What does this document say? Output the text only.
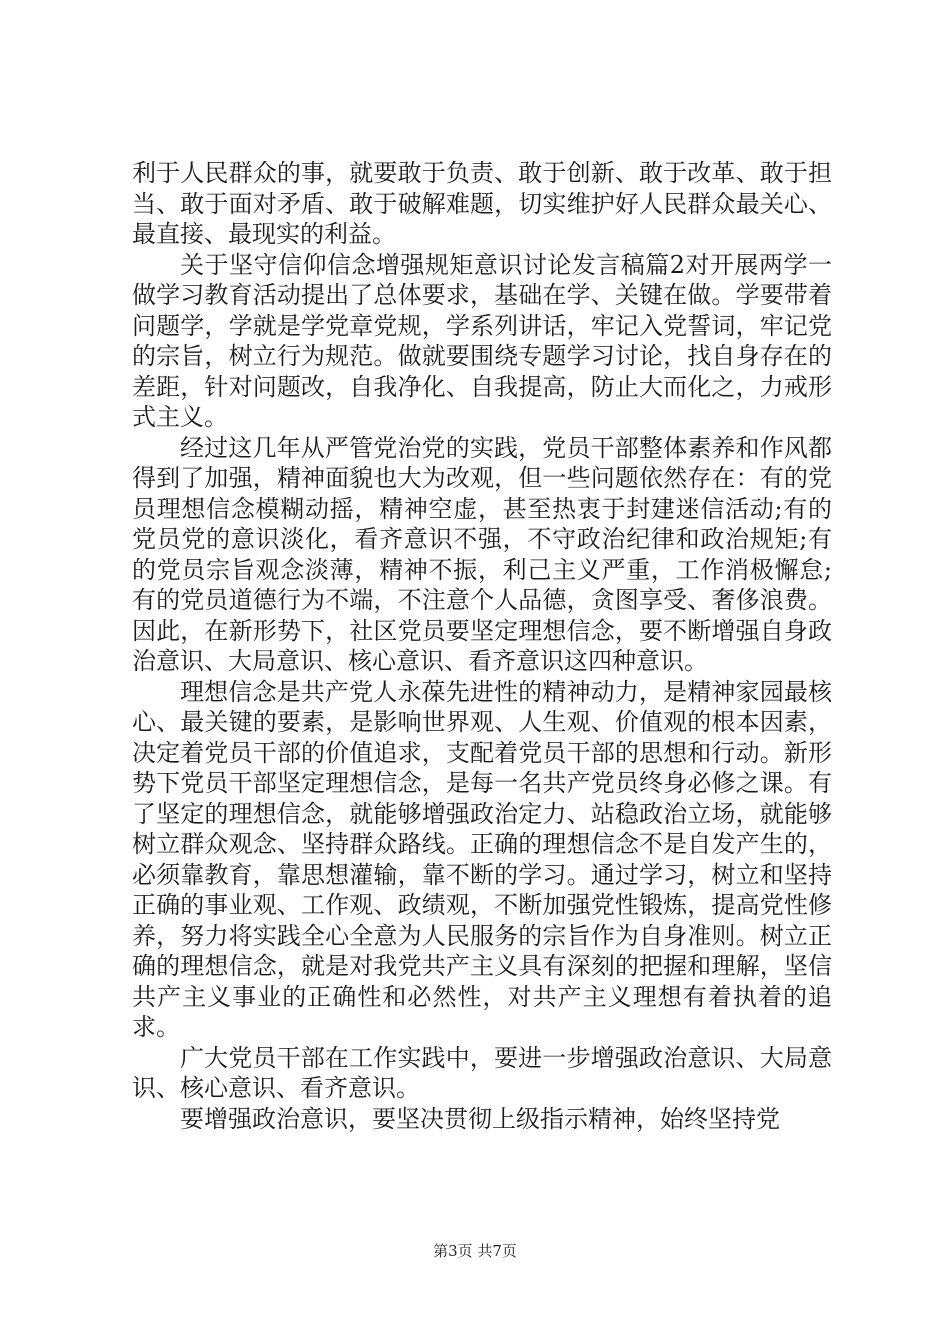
利于人民群众的事，就要敢于负责、敢于创新、敢于改革、敢于担当、敢于面对矛盾、敢于破解难题，切实维护好人民群众最关心、最直接、最现实的利益。

关于坚守信仰信念增强规矩意识讨论发言稿篇2对开展两学一做学习教育活动提出了总体要求，基础在学、关键在做。学要带着问题学，学就是学党章党规，学系列讲话，牢记入党誓词，牢记党的宗旨，树立行为规范。做就要围绕专题学习讨论，找自身存在的差距，针对问题改，自我净化、自我提高，防止大而化之，力戒形式主义。

经过这几年从严管党治党的实践，党员干部整体素养和作风都得到了加强，精神面貌也大为改观，但一些问题依然存在：有的党员理想信念模糊动摇，精神空虚，甚至热衷于封建迷信活动;有的党员党的意识淡化，看齐意识不强，不守政治纪律和政治规矩;有的党员宗旨观念淡薄，精神不振，利己主义严重，工作消极懈怠;有的党员道德行为不端，不注意个人品德，贪图享受、奢侈浪费。因此，在新形势下，社区党员要坚定理想信念，要不断增强自身政治意识、大局意识、核心意识、看齐意识这四种意识。

理想信念是共产党人永葆先进性的精神动力，是精神家园最核心、最关键的要素，是影响世界观、人生观、价值观的根本因素，决定着党员干部的价值追求，支配着党员干部的思想和行动。新形势下党员干部坚定理想信念，是每一名共产党员终身必修之课。有了坚定的理想信念，就能够增强政治定力、站稳政治立场，就能够树立群众观念、坚持群众路线。正确的理想信念不是自发产生的，必须靠教育，靠思想灌输，靠不断的学习。通过学习，树立和坚持正确的事业观、工作观、政绩观，不断加强党性锻炼，提高党性修养，努力将实践全心全意为人民服务的宗旨作为自身准则。树立正确的理想信念，就是对我党共产主义具有深刻的把握和理解，坚信共产主义事业的正确性和必然性，对共产主义理想有着执着的追求。

广大党员干部在工作实践中，要进一步增强政治意识、大局意识、核心意识、看齐意识。

要增强政治意识，要坚决贯彻上级指示精神，始终坚持党

第3页 共7页
